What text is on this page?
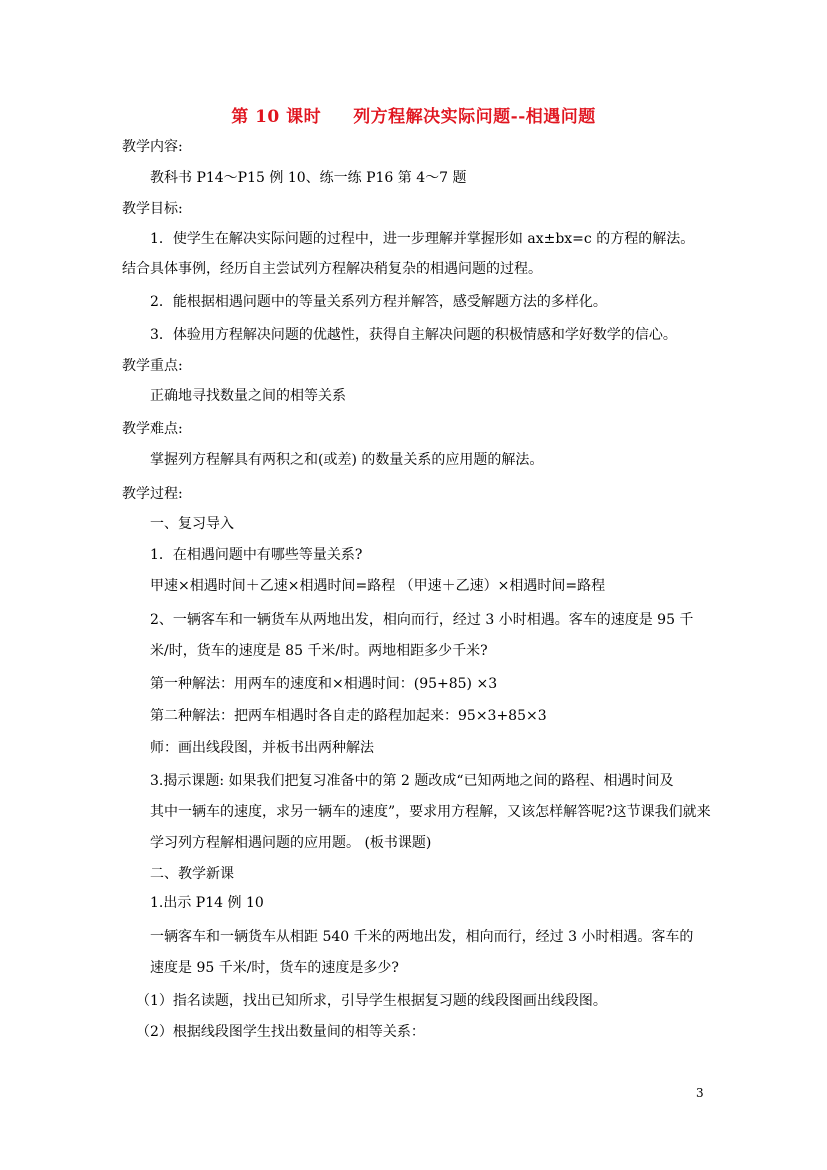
第 10 课时 列方程解决实际问题--相遇问题
教学内容:
教科书 P14～P15 例 10、练一练 P16 第 4～7 题
教学目标:
1．使学生在解决实际问题的过程中，进一步理解并掌握形如 ax±bx=c 的方程的解法。
结合具体事例，经历自主尝试列方程解决稍复杂的相遇问题的过程。
2．能根据相遇问题中的等量关系列方程并解答，感受解题方法的多样化。
3．体验用方程解决问题的优越性，获得自主解决问题的积极情感和学好数学的信心。
教学重点:
正确地寻找数量之间的相等关系
教学难点:
掌握列方程解具有两积之和(或差) 的数量关系的应用题的解法。
教学过程:
一、复习导入
1．在相遇问题中有哪些等量关系?
甲速×相遇时间＋乙速×相遇时间=路程 （甲速＋乙速）×相遇时间=路程
2、一辆客车和一辆货车从两地出发，相向而行，经过 3 小时相遇。客车的速度是 95 千
米/时，货车的速度是 85 千米/时。两地相距多少千米?
第一种解法：用两车的速度和×相遇时间：(95+85) ×3
第二种解法：把两车相遇时各自走的路程加起来：95×3+85×3
师：画出线段图，并板书出两种解法
3.揭示课题: 如果我们把复习准备中的第 2 题改成“已知两地之间的路程、相遇时间及
其中一辆车的速度，求另一辆车的速度”，要求用方程解，又该怎样解答呢?这节课我们就来
学习列方程解相遇问题的应用题。 (板书课题)
二、教学新课
1.出示 P14 例 10
一辆客车和一辆货车从相距 540 千米的两地出发，相向而行，经过 3 小时相遇。客车的
速度是 95 千米/时，货车的速度是多少?
（1）指名读题，找出已知所求，引导学生根据复习题的线段图画出线段图。
（2）根据线段图学生找出数量间的相等关系：
3
